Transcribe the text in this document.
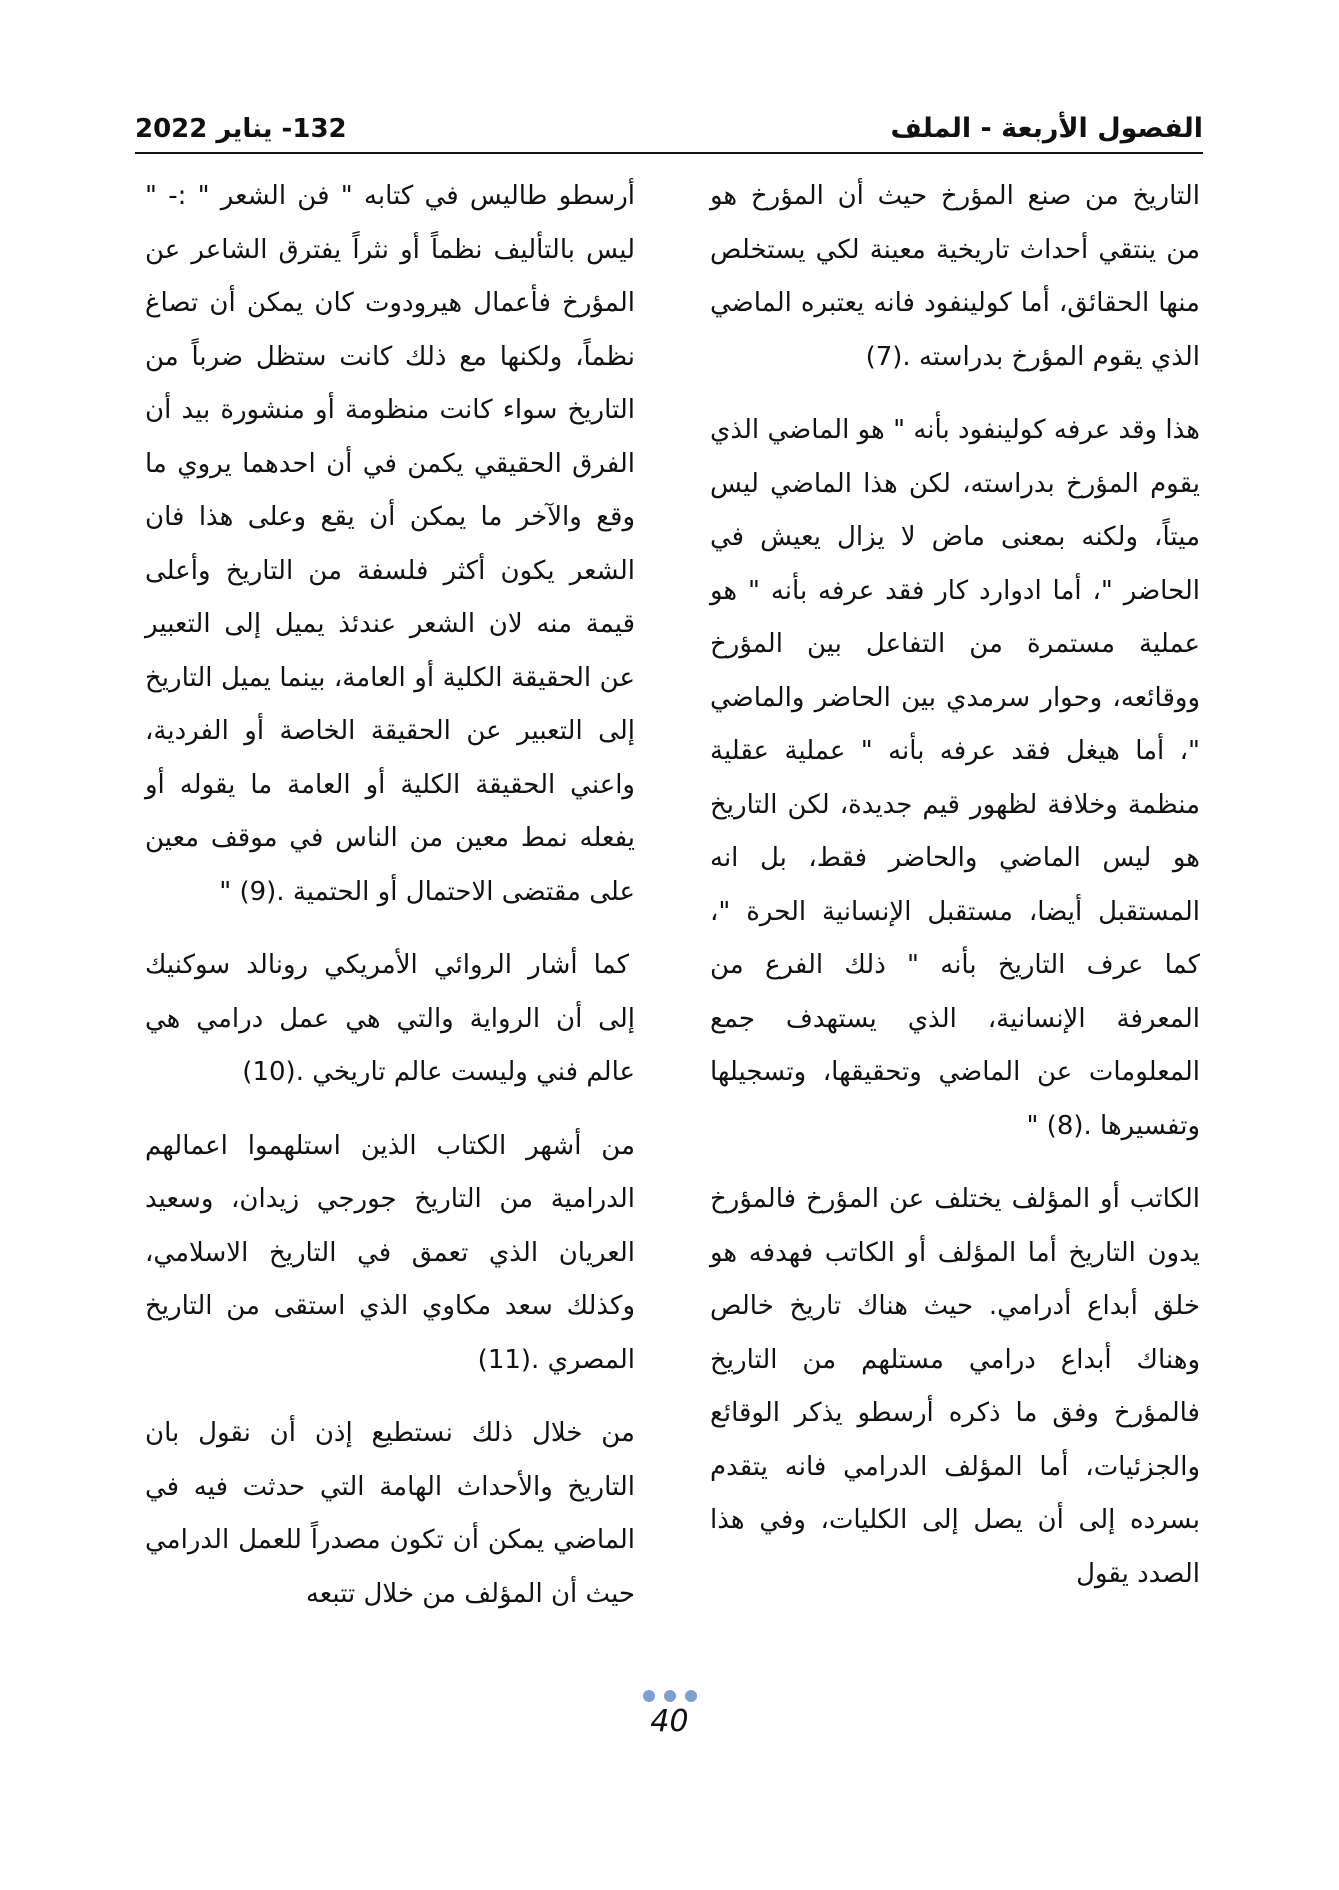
132- يناير 2022	الفصول الأربعة - الملف

التاريخ من صنع المؤرخ حيث أن المؤرخ هو من ينتقي أحداث تاريخية معينة لكي يستخلص منها الحقائق، أما كولينفود فانه يعتبره الماضي الذي يقوم المؤرخ بدراسته .(7)

هذا وقد عرفه كولينفود بأنه " هو الماضي الذي يقوم المؤرخ بدراسته، لكن هذا الماضي ليس ميتاً، ولكنه بمعنى ماض لا يزال يعيش في الحاضر "، أما ادوارد كار فقد عرفه بأنه " هو عملية مستمرة من التفاعل بين المؤرخ ووقائعه، وحوار سرمدي بين الحاضر والماضي "، أما هيغل فقد عرفه بأنه " عملية عقلية منظمة وخلافة لظهور قيم جديدة، لكن التاريخ هو ليس الماضي والحاضر فقط، بل انه المستقبل أيضا، مستقبل الإنسانية الحرة "، كما عرف التاريخ بأنه " ذلك الفرع من المعرفة الإنسانية، الذي يستهدف جمع المعلومات عن الماضي وتحقيقها، وتسجيلها وتفسيرها .(8) "

الكاتب أو المؤلف يختلف عن المؤرخ فالمؤرخ يدون التاريخ أما المؤلف أو الكاتب فهدفه هو خلق أبداع أدرامي. حيث هناك تاريخ خالص وهناك أبداع درامي مستلهم من التاريخ فالمؤرخ وفق ما ذكره أرسطو يذكر الوقائع والجزئيات، أما المؤلف الدرامي فانه يتقدم بسرده إلى أن يصل إلى الكليات، وفي هذا الصدد يقول

أرسطو طاليس في كتابه " فن الشعر " :- " ليس بالتأليف نظماً أو نثراً يفترق الشاعر عن المؤرخ فأعمال هيرودوت كان يمكن أن تصاغ نظماً، ولكنها مع ذلك كانت ستظل ضرباً من التاريخ سواء كانت منظومة أو منشورة بيد أن الفرق الحقيقي يكمن في أن احدهما يروي ما وقع والآخر ما يمكن أن يقع وعلى هذا فان الشعر يكون أكثر فلسفة من التاريخ وأعلى قيمة منه لان الشعر عندئذ يميل إلى التعبير عن الحقيقة الكلية أو العامة، بينما يميل التاريخ إلى التعبير عن الحقيقة الخاصة أو الفردية، واعني الحقيقة الكلية أو العامة ما يقوله أو يفعله نمط معين من الناس في موقف معين على مقتضى الاحتمال أو الحتمية .(9) "

كما أشار الروائي الأمريكي رونالد سوكنيك إلى أن الرواية والتي هي عمل درامي هي عالم فني وليست عالم تاريخي .(10)

من أشهر الكتاب الذين استلهموا اعمالهم الدرامية من التاريخ جورجي زيدان، وسعيد العريان الذي تعمق في التاريخ الاسلامي، وكذلك سعد مكاوي الذي استقى من التاريخ المصري .(11)

من خلال ذلك نستطيع إذن أن نقول بان التاريخ والأحداث الهامة التي حدثت فيه في الماضي يمكن أن تكون مصدراً للعمل الدرامي حيث أن المؤلف من خلال تتبعه

40
